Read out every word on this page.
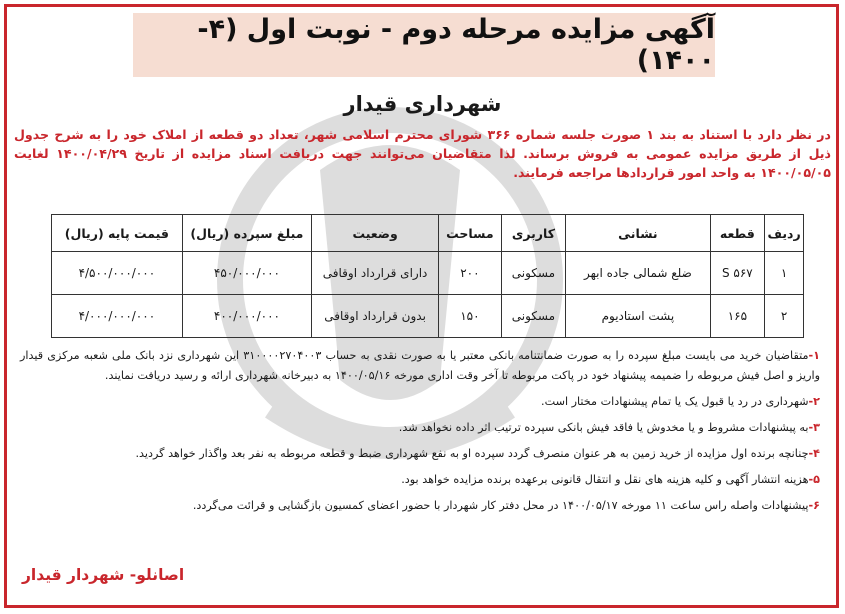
آگهی مزایده مرحله دوم - نوبت اول (۴- ۱۴۰۰)
شهرداری قیدار
در نظر دارد با استناد به بند ۱ صورت جلسه شماره ۳۶۶ شورای محترم اسلامی شهر، تعداد دو قطعه از املاک خود را به شرح جدول ذیل از طریق مزایده عمومی به فروش برساند. لذا متقاضیان می‌توانند جهت دریافت اسناد مزایده از تاریخ ۱۴۰۰/۰۴/۲۹ لغایت ۱۴۰۰/۰۵/۰۵ به واحد امور قراردادها مراجعه فرمایند.
ردیف	قطعه	نشانی	کاربری	مساحت	وضعیت	مبلغ سپرده (ریال)	قیمت پایه (ریال)
۱	S ۵۶۷	ضلع شمالی جاده ابهر	مسکونی	۲۰۰	دارای قرارداد اوقافی	۴۵۰/۰۰۰/۰۰۰	۴/۵۰۰/۰۰۰/۰۰۰
۲	۱۶۵	پشت استادیوم	مسکونی	۱۵۰	بدون قرارداد اوقافی	۴۰۰/۰۰۰/۰۰۰	۴/۰۰۰/۰۰۰/۰۰۰

۱-متقاضیان خرید می بایست مبلغ سپرده را به صورت ضمانتنامه بانکی معتبر یا به صورت نقدی به حساب ۳۱۰۰۰۰۲۷۰۴۰۰۳ این شهرداری نزد بانک ملی شعبه مرکزی قیدار واریز و اصل فیش مربوطه را ضمیمه پیشنهاد خود در پاکت مربوطه تا آخر وقت اداری مورخه ۱۴۰۰/۰۵/۱۶ به دبیرخانه شهرداری ارائه و رسید دریافت نمایند.

۲-شهرداری در رد یا قبول یک یا تمام پیشنهادات مختار است.

۳-به پیشنهادات مشروط و یا مخدوش یا فاقد فیش بانکی سپرده ترتیب اثر داده نخواهد شد.

۴-چنانچه برنده اول مزایده از خرید زمین به هر عنوان منصرف گردد سپرده او به نفع شهرداری ضبط و قطعه مربوطه به نفر بعد واگذار خواهد گردید.

۵-هزینه انتشار آگهی و کلیه هزینه های نقل و انتقال قانونی برعهده برنده مزایده خواهد بود.

۶-پیشنهادات واصله راس ساعت ۱۱ مورخه ۱۴۰۰/۰۵/۱۷ در محل دفتر کار شهردار با حضور اعضای کمسیون بازگشایی و قرائت می‌گردد.

اصانلو- شهردار قیدار
